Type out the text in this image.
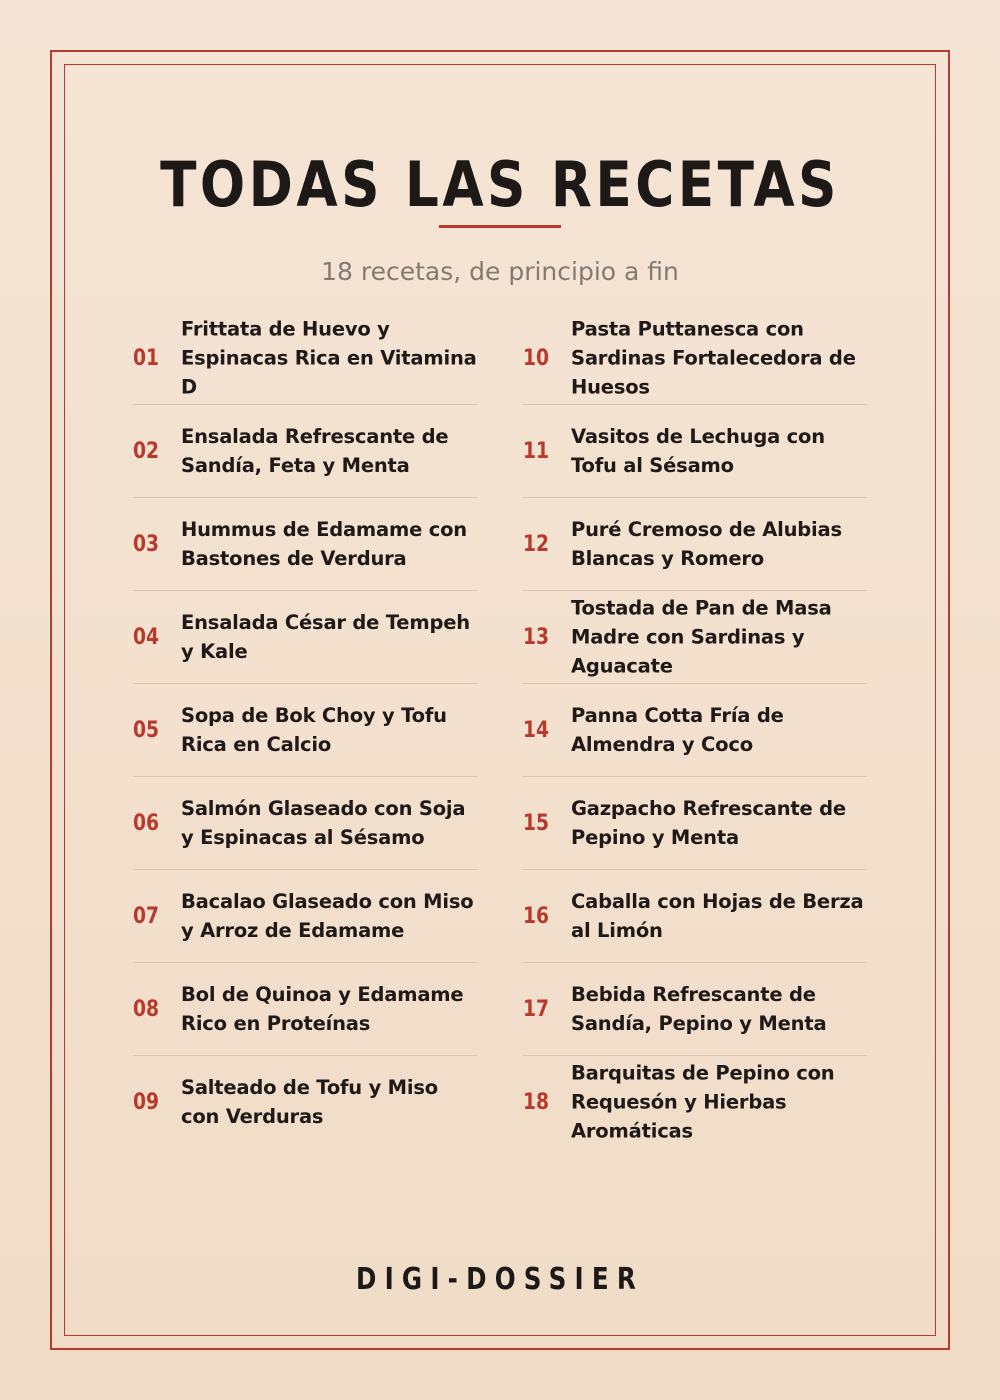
TODAS LAS RECETAS
18 recetas, de principio a fin
01
Frittata de Huevo y Espinacas Rica en Vitamina D
02
Ensalada Refrescante de Sandía, Feta y Menta
03
Hummus de Edamame con Bastones de Verdura
04
Ensalada César de Tempeh y Kale
05
Sopa de Bok Choy y Tofu Rica en Calcio
06
Salmón Glaseado con Soja y Espinacas al Sésamo
07
Bacalao Glaseado con Miso y Arroz de Edamame
08
Bol de Quinoa y Edamame Rico en Proteínas
09
Salteado de Tofu y Miso con Verduras
10
Pasta Puttanesca con Sardinas Fortalecedora de Huesos
11
Vasitos de Lechuga con Tofu al Sésamo
12
Puré Cremoso de Alubias Blancas y Romero
13
Tostada de Pan de Masa Madre con Sardinas y Aguacate
14
Panna Cotta Fría de Almendra y Coco
15
Gazpacho Refrescante de Pepino y Menta
16
Caballa con Hojas de Berza al Limón
17
Bebida Refrescante de Sandía, Pepino y Menta
18
Barquitas de Pepino con Requesón y Hierbas Aromáticas
DIGI-DOSSIER
